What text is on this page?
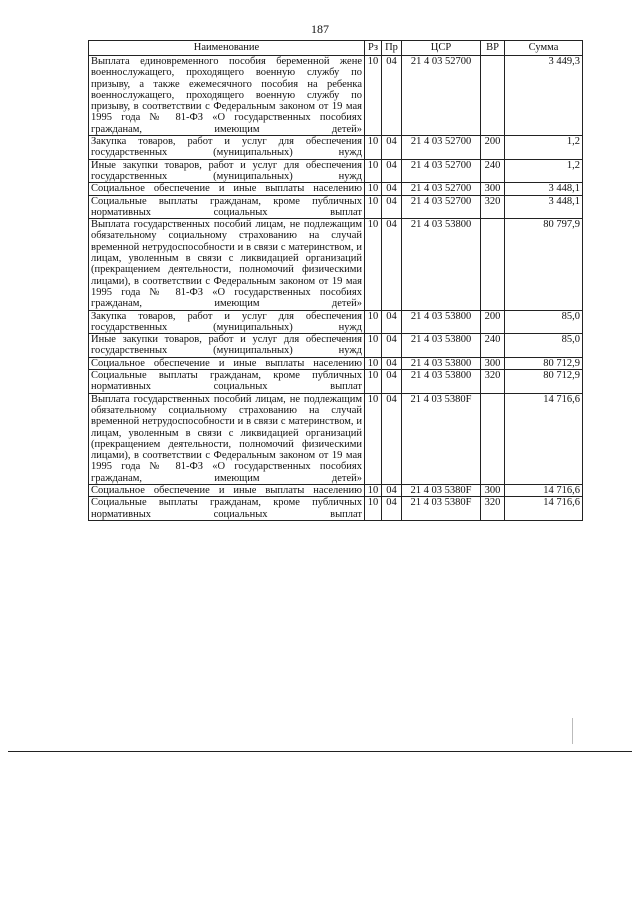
187
Наименование	Рз	Пр	ЦСР	ВР	Сумма
Выплата единовременного пособия беременной жене военнослужащего, проходящего военную службу по призыву, а также ежемесячного пособия на ребенка военнослужащего, проходящего военную службу по призыву, в соответствии с Федеральным законом от 19 мая 1995 года № 81-ФЗ «О государственных пособиях гражданам, имеющим детей»	10	04	21 4 03 52700		3 449,3
Закупка товаров, работ и услуг для обеспечения государственных (муниципальных) нужд	10	04	21 4 03 52700	200	1,2
Иные закупки товаров, работ и услуг для обеспечения государственных (муниципальных) нужд	10	04	21 4 03 52700	240	1,2
Социальное обеспечение и иные выплаты населению	10	04	21 4 03 52700	300	3 448,1
Социальные выплаты гражданам, кроме публичных нормативных социальных выплат	10	04	21 4 03 52700	320	3 448,1
Выплата государственных пособий лицам, не подлежащим обязательному социальному страхованию на случай временной нетрудоспособности и в связи с материнством, и лицам, уволенным в связи с ликвидацией организаций (прекращением деятельности, полномочий физическими лицами), в соответствии с Федеральным законом от 19 мая 1995 года № 81-ФЗ «О государственных пособиях гражданам, имеющим детей»	10	04	21 4 03 53800		80 797,9
Закупка товаров, работ и услуг для обеспечения государственных (муниципальных) нужд	10	04	21 4 03 53800	200	85,0
Иные закупки товаров, работ и услуг для обеспечения государственных (муниципальных) нужд	10	04	21 4 03 53800	240	85,0
Социальное обеспечение и иные выплаты населению	10	04	21 4 03 53800	300	80 712,9
Социальные выплаты гражданам, кроме публичных нормативных социальных выплат	10	04	21 4 03 53800	320	80 712,9
Выплата государственных пособий лицам, не подлежащим обязательному социальному страхованию на случай временной нетрудоспособности и в связи с материнством, и лицам, уволенным в связи с ликвидацией организаций (прекращением деятельности, полномочий физическими лицами), в соответствии с Федеральным законом от 19 мая 1995 года № 81-ФЗ «О государственных пособиях гражданам, имеющим детей»	10	04	21 4 03 5380F		14 716,6
Социальное обеспечение и иные выплаты населению	10	04	21 4 03 5380F	300	14 716,6
Социальные выплаты гражданам, кроме публичных нормативных социальных выплат	10	04	21 4 03 5380F	320	14 716,6
